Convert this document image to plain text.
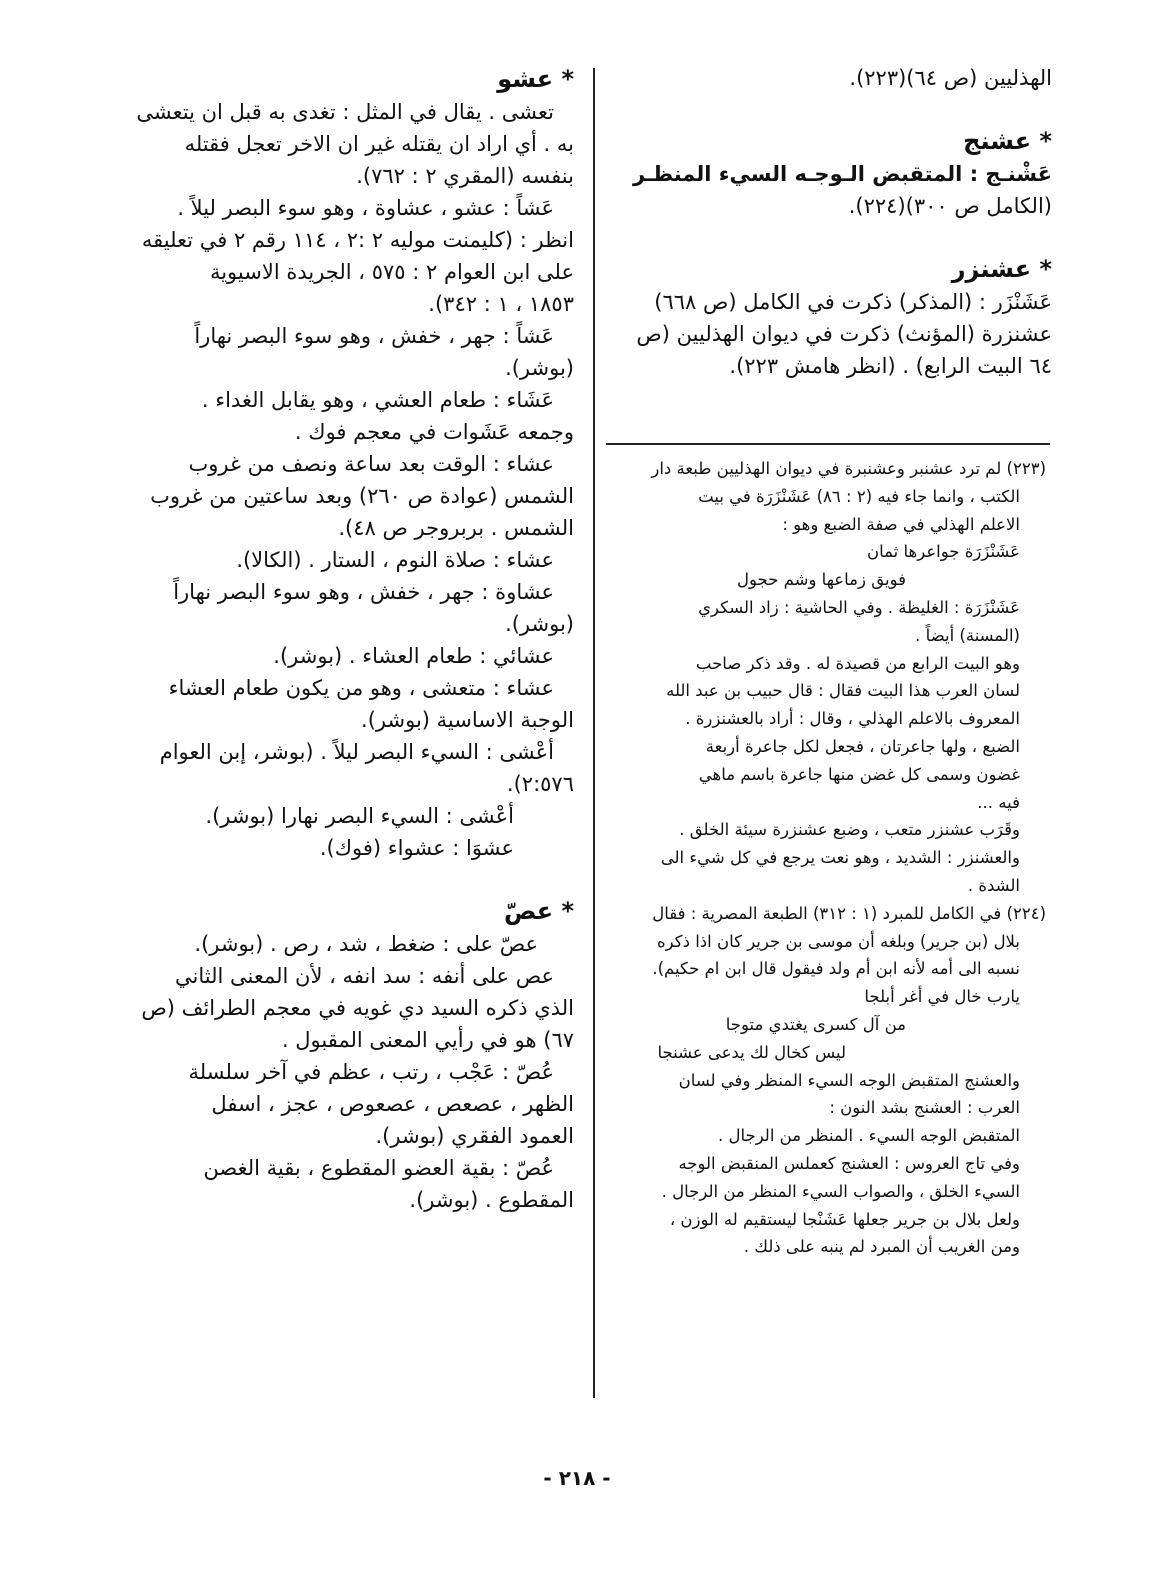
الهذليين (ص ٦٤)(٢٢٣).
* عشنج
عَشْنـج : المتقبض الـوجـه السيء المنظـر
(الكامل ص ٣٠٠)(٢٢٤).
* عشنزر
عَشَنْزَر : (المذكر) ذكرت في الكامل (ص ٦٦٨)
عشنزرة (المؤنث) ذكرت في ديوان الهذليين (ص
٦٤ البيت الرابع) . (انظر هامش ٢٢٣).
* عشو
تعشى . يقال في المثل : تغدى به قبل ان يتعشى
به . أي اراد ان يقتله غير ان الاخر تعجل فقتله
بنفسه (المقري ٢ : ٧٦٢).
عَشاً : عشو ، عشاوة ، وهو سوء البصر ليلاً .
انظر : (كليمنت موليه ٢ :٢ ، ١١٤ رقم ٢ في تعليقه
على ابن العوام ٢ : ٥٧٥ ، الجريدة الاسيوية
١٨٥٣ ، ١ : ٣٤٢).
عَشاً : جهر ، خفش ، وهو سوء البصر نهاراً
(بوشر).
عَشَاء : طعام العشي ، وهو يقابل الغداء .
وجمعه عَشَوات في معجم فوك .
عشاء : الوقت بعد ساعة ونصف من غروب
الشمس (عوادة ص ٢٦٠) وبعد ساعتين من غروب
الشمس . بربروجر ص ٤٨).
عشاء : صلاة النوم ، الستار . (الكالا).
عشاوة : جهر ، خفش ، وهو سوء البصر نهاراً
(بوشر).
عشائي : طعام العشاء . (بوشر).
عشاء : متعشى ، وهو من يكون طعام العشاء
الوجبة الاساسية (بوشر).
أعْشى : السيء البصر ليلاً . (بوشر، إبن العوام
٢:٥٧٦).
أعْشى : السيء البصر نهارا (بوشر).
عشوَا : عشواء (فوك).
* عصّ
عصّ على : ضغط ، شد ، رص . (بوشر).
عص على أنفه : سد انفه ، لأن المعنى الثاني
الذي ذكره السيد دي غويه في معجم الطرائف (ص
٦٧) هو في رأيي المعنى المقبول .
عُصّ : عَجْب ، رتب ، عظم في آخر سلسلة
الظهر ، عصعص ، عصعوص ، عجز ، اسفل
العمود الفقري (بوشر).
عُصّ : بقية العضو المقطوع ، بقية الغصن
المقطوع . (بوشر).
(٢٢٣) لم ترد عشنبر وعشنبرة في ديوان الهذليين طبعة دار
الكتب ، وانما جاء فيه (٢ : ٨٦) عَشَنْزَرَة في بيت
الاعلم الهذلي في صفة الضبع وهو :
عَشَنْزَرَة جواعرها ثمان
فويق زماعها وشم حجول
عَشَنْزَرَة : الغليظة . وفي الحاشية : زاد السكري
(المسنة) أيضاً .
وهو البيت الرابع من قصيدة له . وقد ذكر صاحب
لسان العرب هذا البيت فقال : قال حبيب بن عبد الله
المعروف بالاعلم الهذلي ، وقال : أراد بالعشنزرة .
الضبع ، ولها جاعرتان ، فجعل لكل جاعرة أربعة
غضون وسمى كل غضن منها جاعرة باسم ماهي
فيه ...
وقَرَب عشنزر متعب ، وضبع عشنزرة سيئة الخلق .
والعشنزر : الشديد ، وهو نعت يرجع في كل شيء الى
الشدة .
(٢٢٤) في الكامل للمبرد (١ : ٣١٢) الطبعة المصرية : فقال
بلال (بن جرير) وبلغه أن موسى بن جرير كان اذا ذكره
نسبه الى أمه لأنه ابن أم ولد فيقول قال ابن ام حكيم).
يارب خال في أغر أبلجا
من آل كسرى يغتدي متوجا
ليس كخال لك يدعى عشنجا
والعشنج المتقبض الوجه السيء المنظر وفي لسان
العرب : العشنج بشد النون :
المتقبض الوجه السيء . المنظر من الرجال .
وفي تاج العروس : العشنج كعملس المنقبض الوجه
السيء الخلق ، والصواب السيء المنظر من الرجال .
ولعل بلال بن جرير جعلها عَشَنْجا ليستقيم له الوزن ،
ومن الغريب أن المبرد لم ينبه على ذلك .
- ٢١٨ -
